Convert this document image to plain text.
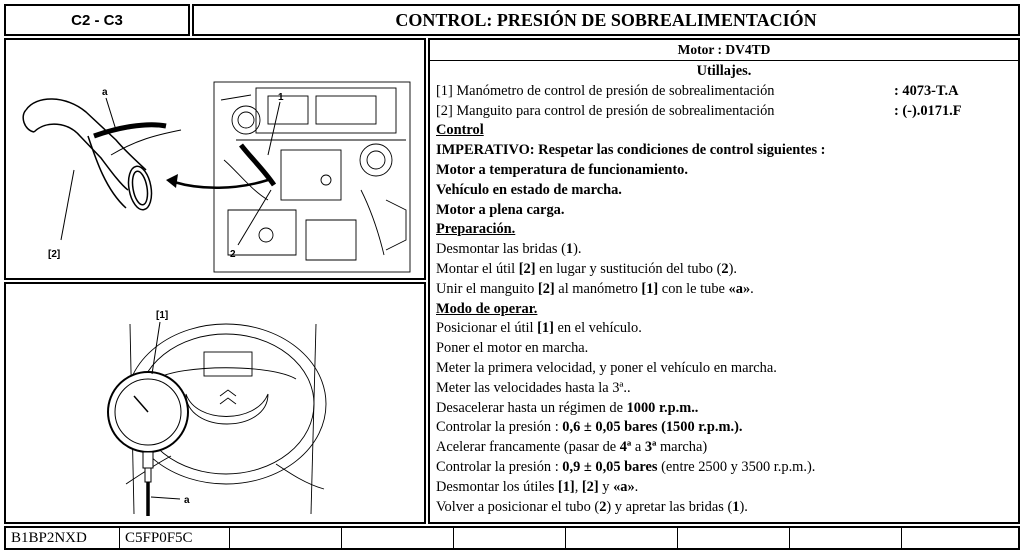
C2 - C3	CONTROL: PRESIÓN DE SOBREALIMENTACIÓN
a
[2]
1
2
[1]
a
Motor : DV4TD
Utillajes.
[1] Manómetro de control de presión de sobrealimentación	: 4073-T.A
[2] Manguito para control de presión de sobrealimentación	: (-).0171.F
Control
IMPERATIVO: Respetar las condiciones de control siguientes :
Motor a temperatura de funcionamiento.
Vehículo en estado de marcha.
Motor a plena carga.
Preparación.
Desmontar las bridas (1).
Montar el útil [2] en lugar y sustitución del tubo (2).
Unir el manguito [2] al manómetro [1] con le tube «a».
Modo de operar.
Posicionar el útil [1] en el vehículo.
Poner el motor en marcha.
Meter la primera velocidad, y poner el vehículo en marcha.
Meter las velocidades hasta la 3ª..
Desacelerar hasta un régimen de 1000 r.p.m..
Controlar la presión : 0,6 ± 0,05 bares (1500 r.p.m.).
Acelerar francamente (pasar de 4ª a 3ª marcha)
Controlar la presión : 0,9 ± 0,05 bares (entre 2500 y 3500 r.p.m.).
Desmontar los útiles [1], [2] y «a».
Volver a posicionar el tubo (2) y apretar las bridas (1).
B1BP2NXD	C5FP0F5C
